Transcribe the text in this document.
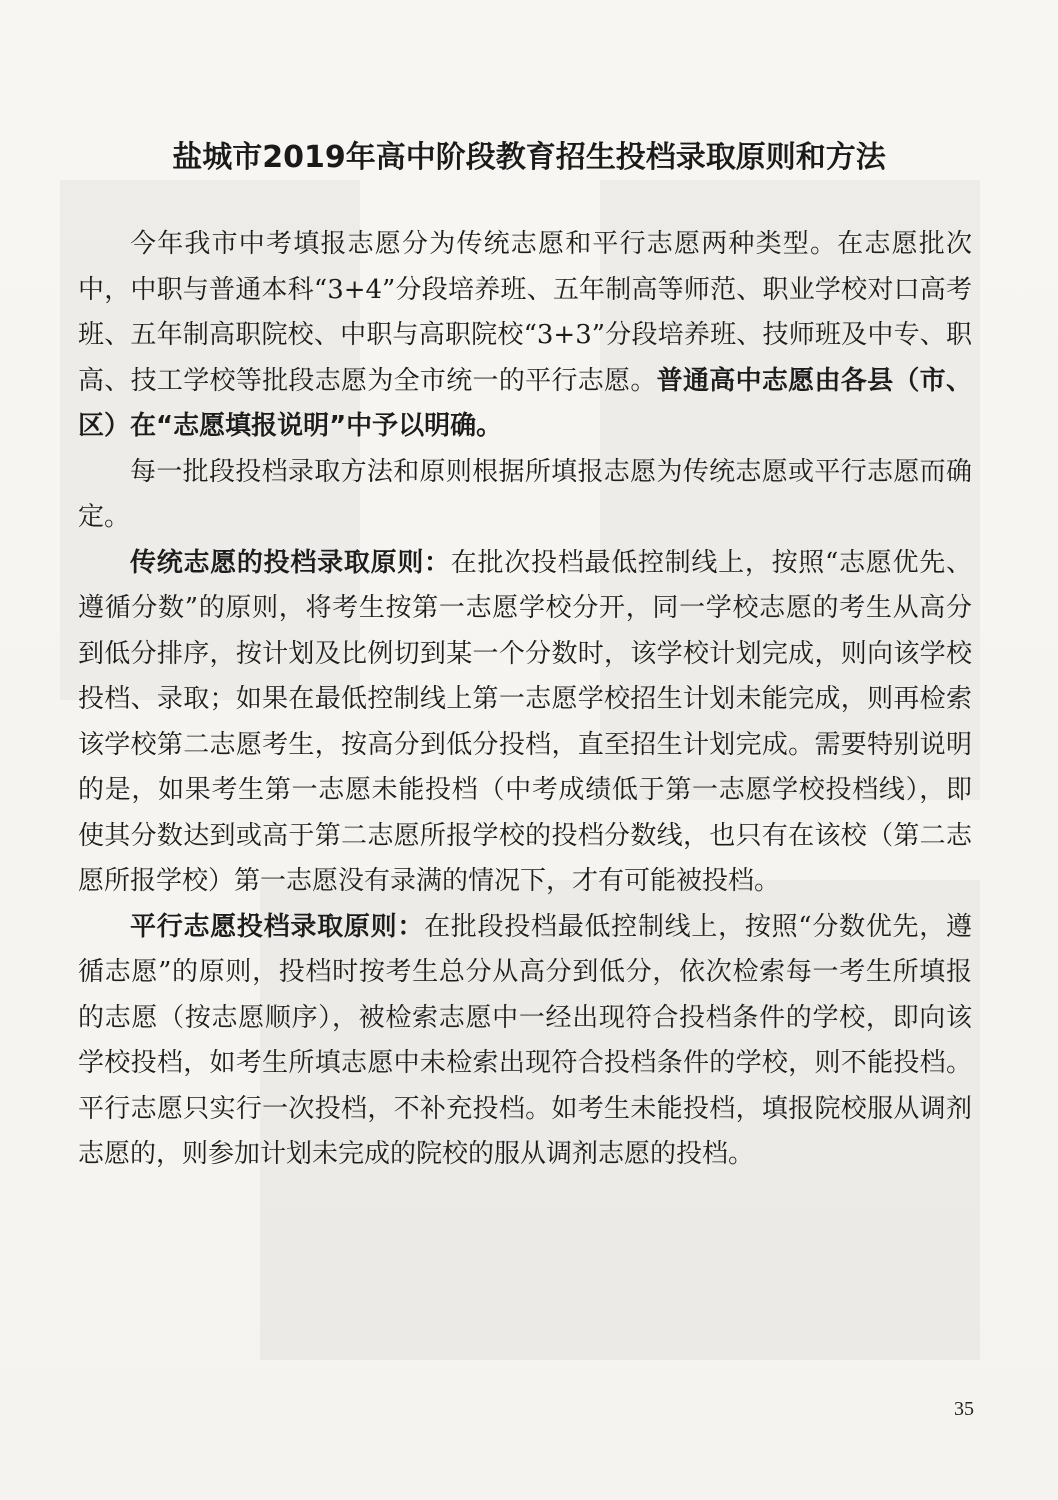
盐城市2019年高中阶段教育招生投档录取原则和方法

今年我市中考填报志愿分为传统志愿和平行志愿两种类型。在志愿批次中，中职与普通本科“3+4”分段培养班、五年制高等师范、职业学校对口高考班、五年制高职院校、中职与高职院校“3+3”分段培养班、技师班及中专、职高、技工学校等批段志愿为全市统一的平行志愿。普通高中志愿由各县（市、区）在“志愿填报说明”中予以明确。

每一批段投档录取方法和原则根据所填报志愿为传统志愿或平行志愿而确定。

传统志愿的投档录取原则：在批次投档最低控制线上，按照“志愿优先、遵循分数”的原则，将考生按第一志愿学校分开，同一学校志愿的考生从高分到低分排序，按计划及比例切到某一个分数时，该学校计划完成，则向该学校投档、录取；如果在最低控制线上第一志愿学校招生计划未能完成，则再检索该学校第二志愿考生，按高分到低分投档，直至招生计划完成。需要特别说明的是，如果考生第一志愿未能投档（中考成绩低于第一志愿学校投档线），即使其分数达到或高于第二志愿所报学校的投档分数线，也只有在该校（第二志愿所报学校）第一志愿没有录满的情况下，才有可能被投档。

平行志愿投档录取原则：在批段投档最低控制线上，按照“分数优先，遵循志愿”的原则，投档时按考生总分从高分到低分，依次检索每一考生所填报的志愿（按志愿顺序），被检索志愿中一经出现符合投档条件的学校，即向该学校投档，如考生所填志愿中未检索出现符合投档条件的学校，则不能投档。平行志愿只实行一次投档，不补充投档。如考生未能投档，填报院校服从调剂志愿的，则参加计划未完成的院校的服从调剂志愿的投档。

35
